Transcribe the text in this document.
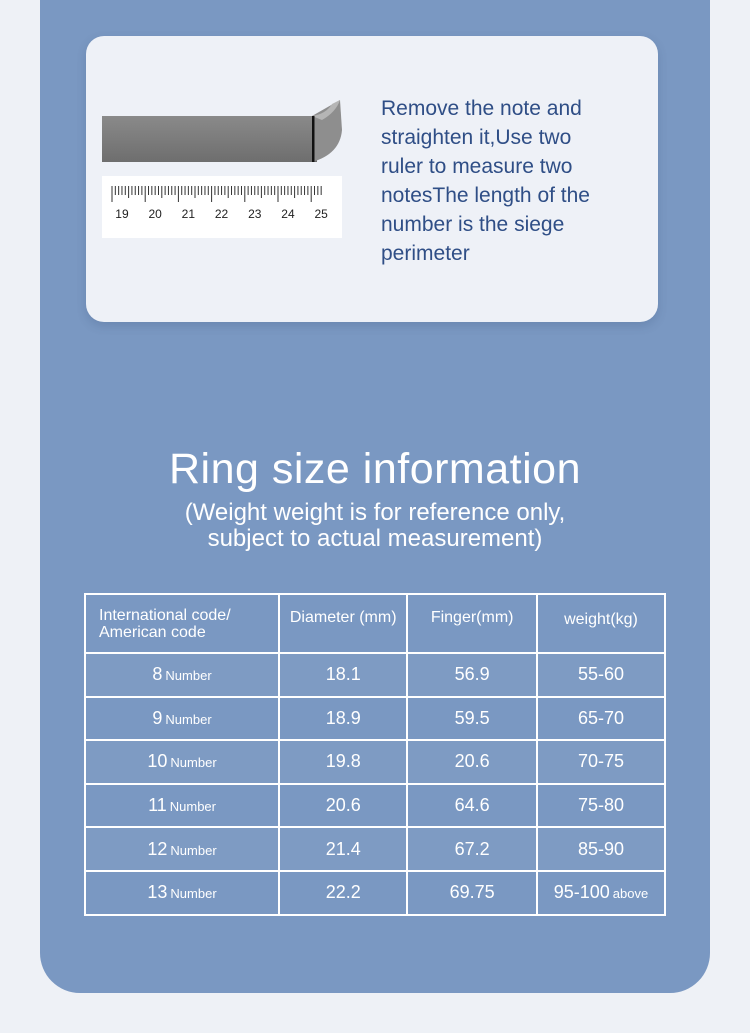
19 20 21 22 23 24 25

Remove the note and
straighten it,Use two
ruler to measure two
notesThe length of the
number is the siege
perimeter

Ring size information

(Weight weight is for reference only,
subject to actual measurement)

International code/
American code	Diameter (mm)	Finger(mm)	weight(kg)
8 Number	18.1	56.9	55-60
9 Number	18.9	59.5	65-70
10 Number	19.8	20.6	70-75
11 Number	20.6	64.6	75-80
12 Number	21.4	67.2	85-90
13 Number	22.2	69.75	95-100 above
